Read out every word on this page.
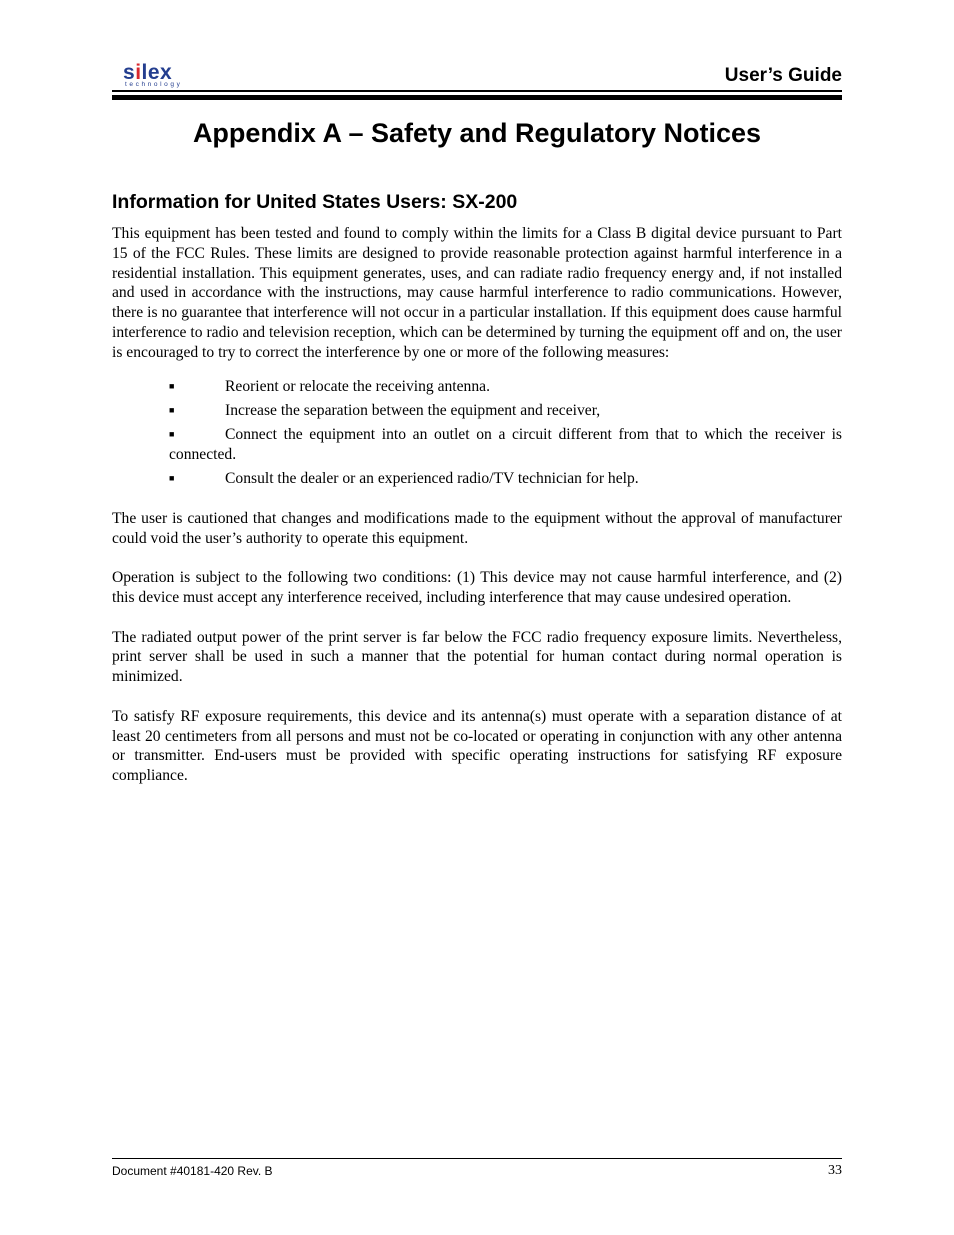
silex
technology	User’s Guide
Appendix A – Safety and Regulatory Notices
Information for United States Users: SX-200

This equipment has been tested and found to comply within the limits for a Class B digital device pursuant to Part 15 of the FCC Rules. These limits are designed to provide reasonable protection against harmful interference in a residential installation. This equipment generates, uses, and can radiate radio frequency energy and, if not installed and used in accordance with the instructions, may cause harmful interference to radio communications. However, there is no guarantee that interference will not occur in a particular installation. If this equipment does cause harmful interference to radio and television reception, which can be determined by turning the equipment off and on, the user is encouraged to try to correct the interference by one or more of the following measures:

■	Reorient or relocate the receiving antenna.
■	Increase the separation between the equipment and receiver,
■	Connect the equipment into an outlet on a circuit different from that to which the receiver is connected.
■	Consult the dealer or an experienced radio/TV technician for help.

The user is cautioned that changes and modifications made to the equipment without the approval of manufacturer could void the user’s authority to operate this equipment.

Operation is subject to the following two conditions: (1) This device may not cause harmful interference, and (2) this device must accept any interference received, including interference that may cause undesired operation.

The radiated output power of the print server is far below the FCC radio frequency exposure limits. Nevertheless, print server shall be used in such a manner that the potential for human contact during normal operation is minimized.

To satisfy RF exposure requirements, this device and its antenna(s) must operate with a separation distance of at least 20 centimeters from all persons and must not be co-located or operating in conjunction with any other antenna or transmitter. End-users must be provided with specific operating instructions for satisfying RF exposure compliance.

Document #40181-420 Rev. B	33
